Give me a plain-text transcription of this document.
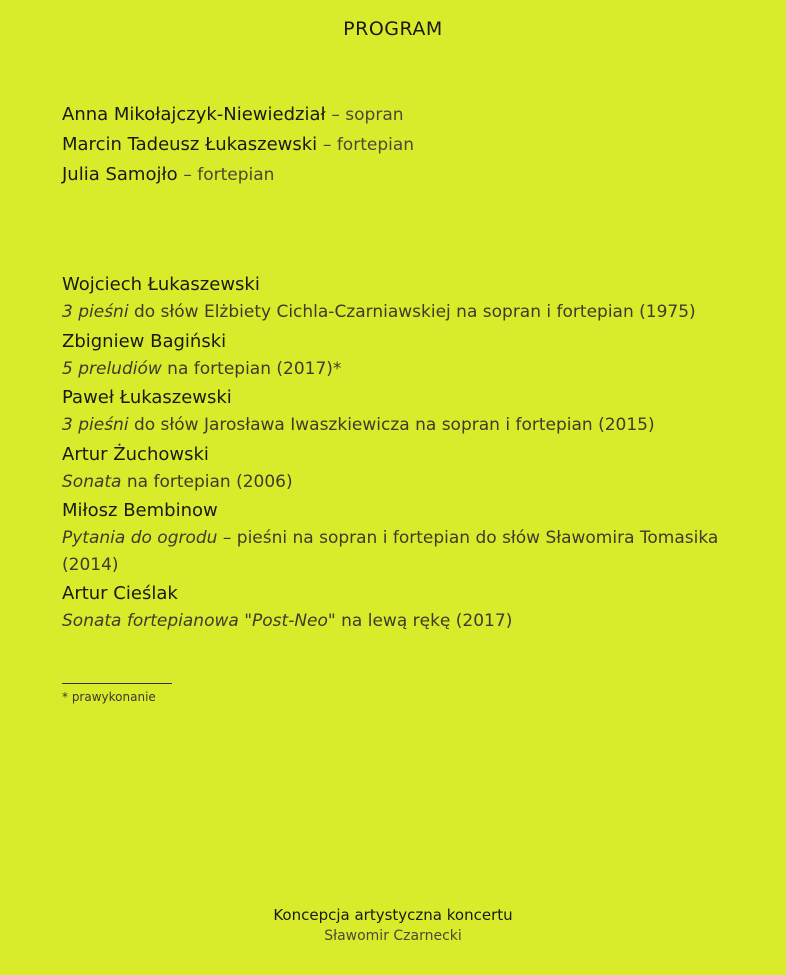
PROGRAM
Anna Mikołajczyk-Niewiedział – sopran
Marcin Tadeusz Łukaszewski – fortepian
Julia Samojło – fortepian
Wojciech Łukaszewski
3 pieśni do słów Elżbiety Cichla-Czarniawskiej na sopran i fortepian (1975)
Zbigniew Bagiński
5 preludiów na fortepian (2017)*
Paweł Łukaszewski
3 pieśni do słów Jarosława Iwaszkiewicza na sopran i fortepian (2015)
Artur Żuchowski
Sonata na fortepian (2006)
Miłosz Bembinow
Pytania do ogrodu – pieśni na sopran i fortepian do słów Sławomira Tomasika (2014)
Artur Cieślak
Sonata fortepianowa "Post-Neo" na lewą rękę (2017)
* prawykonanie
Koncepcja artystyczna koncertu
Sławomir Czarnecki
